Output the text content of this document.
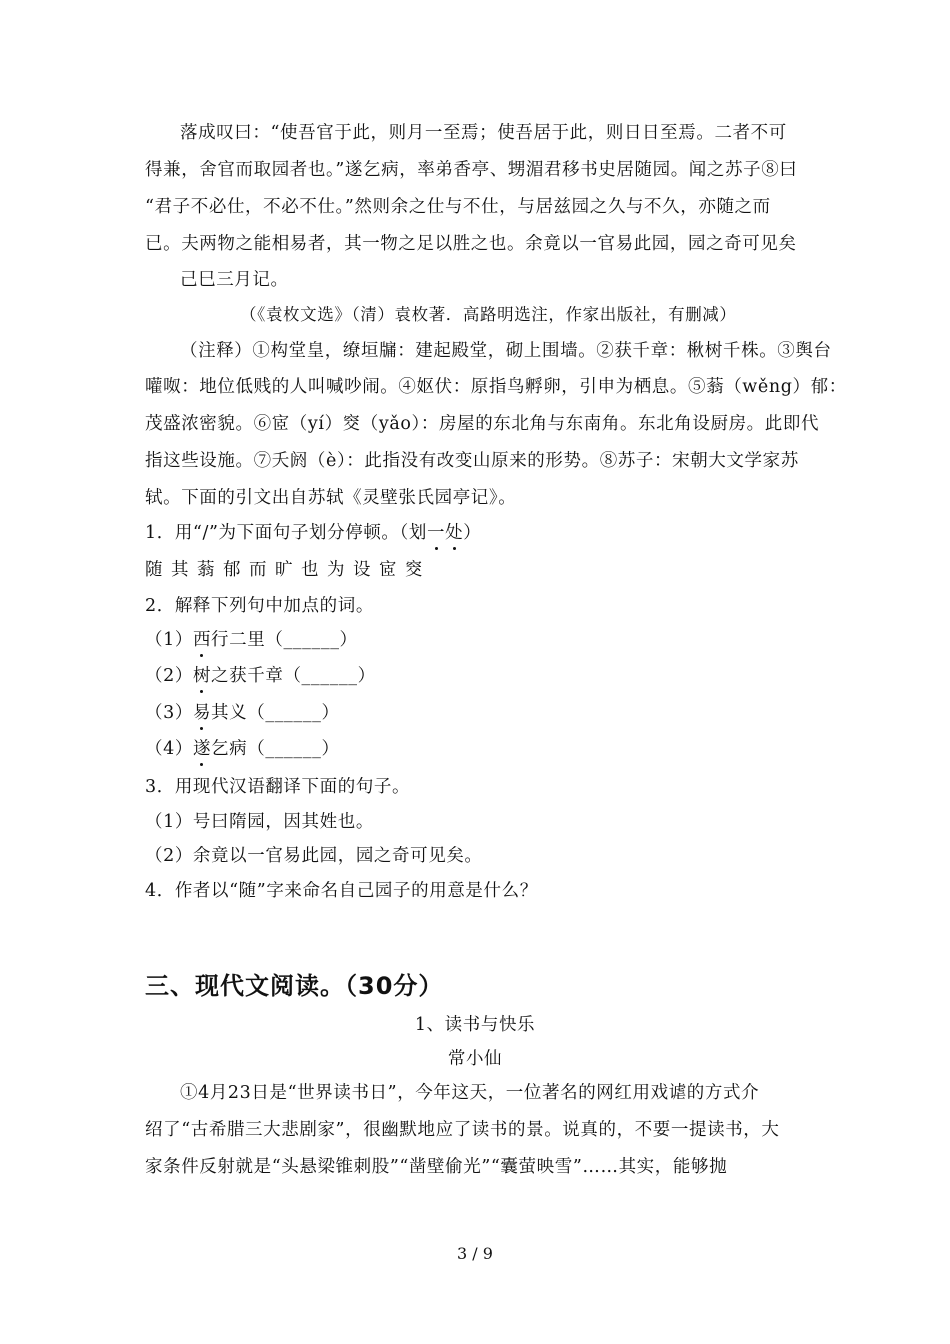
落成叹曰：“使吾官于此，则月一至焉；使吾居于此，则日日至焉。二者不可
得兼，舍官而取园者也。”遂乞病，率弟香亭、甥湄君移书史居随园。闻之苏子⑧曰
“君子不必仕，不必不仕。”然则余之仕与不仕，与居兹园之久与不久，亦随之而
已。夫两物之能相易者，其一物之足以胜之也。余竟以一官易此园，园之奇可见矣
己巳三月记。
（《袁枚文选》（清）袁枚著．高路明选注，作家出版社，有删减）
（注释）①构堂皇，缭垣牖：建起殿堂，砌上围墙。②获千章：楸树千株。③舆台
嚾呶：地位低贱的人叫喊吵闹。④妪伏：原指鸟孵卵，引申为栖息。⑤蓊（wěng）郁：
茂盛浓密貌。⑥宧（yí）窔（yǎo）：房屋的东北角与东南角。东北角设厨房。此即代
指这些设施。⑦夭阏（è）：此指没有改变山原来的形势。⑧苏子：宋朝大文学家苏
轼。下面的引文出自苏轼《灵壁张氏园亭记》。
1．用“/”为下面句子划分停顿。（划一处）
随其蓊郁而旷也为设宧窔
2．解释下列句中加点的词。
（1）西行二里（______）
（2）树之获千章（______）
（3）易其义（______）
（4）遂乞病（______）
3．用现代汉语翻译下面的句子。
（1）号曰隋园，因其姓也。
（2）余竟以一官易此园，园之奇可见矣。
4．作者以“随”字来命名自己园子的用意是什么？
三、现代文阅读。（30分）
1、读书与快乐
常小仙
①4月23日是“世界读书日”，今年这天，一位著名的网红用戏谑的方式介
绍了“古希腊三大悲剧家”，很幽默地应了读书的景。说真的，不要一提读书，大
家条件反射就是“头悬梁锥刺股”“凿壁偷光”“囊萤映雪”……其实，能够抛
3 / 9
